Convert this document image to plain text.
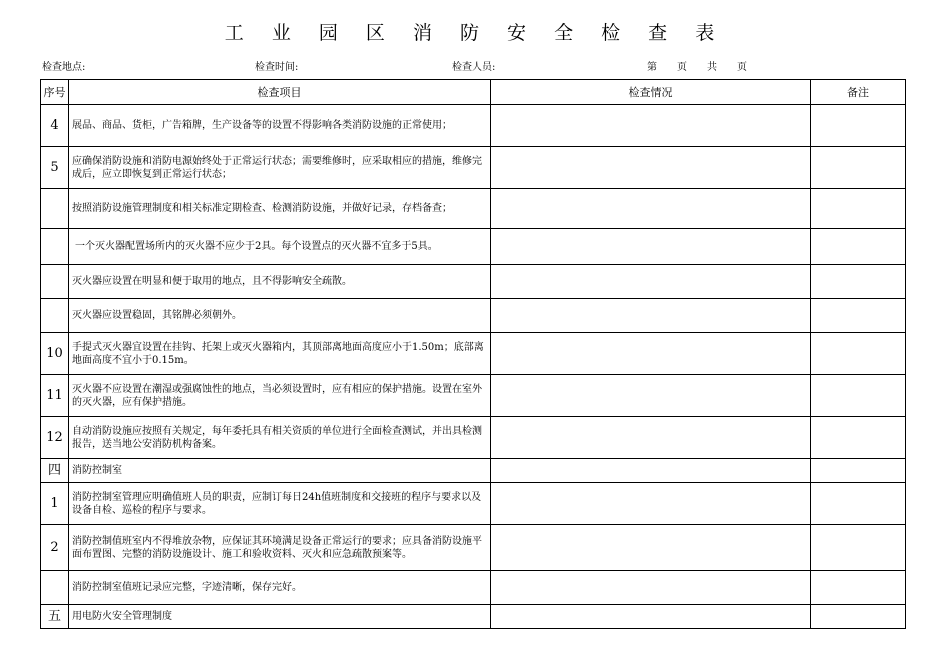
工 业 园 区 消 防 安 全 检 查 表
检查地点:	检查时间:	检查人员:	第　　页　　共　　页
序号	检查项目	检查情况	备注
4	展品、商品、货柜，广告箱牌，生产设备等的设置不得影响各类消防设施的正常使用；		
5	应确保消防设施和消防电源始终处于正常运行状态；需要维修时，应采取相应的措施，维修完成后，应立即恢复到正常运行状态；		
	按照消防设施管理制度和相关标准定期检查、检测消防设施，并做好记录，存档备查；		
	一个灭火器配置场所内的灭火器不应少于2具。每个设置点的灭火器不宜多于5具。		
	灭火器应设置在明显和便于取用的地点，且不得影响安全疏散。		
	灭火器应设置稳固，其铭牌必须朝外。		
10	手提式灭火器宜设置在挂钩、托架上或灭火器箱内，其顶部离地面高度应小于1.50m；底部离地面高度不宜小于0.15m。		
11	灭火器不应设置在潮湿或强腐蚀性的地点，当必须设置时，应有相应的保护措施。设置在室外的灭火器，应有保护措施。		
12	自动消防设施应按照有关规定，每年委托具有相关资质的单位进行全面检查测试，并出具检测报告，送当地公安消防机构备案。		
四	消防控制室		
1	消防控制室管理应明确值班人员的职责，应制订每日24h值班制度和交接班的程序与要求以及设备自检、巡检的程序与要求。		
2	消防控制值班室内不得堆放杂物，应保证其环境满足设备正常运行的要求；应具备消防设施平面布置图、完整的消防设施设计、施工和验收资料、灭火和应急疏散预案等。		
	消防控制室值班记录应完整，字迹清晰，保存完好。		
五	用电防火安全管理制度		
